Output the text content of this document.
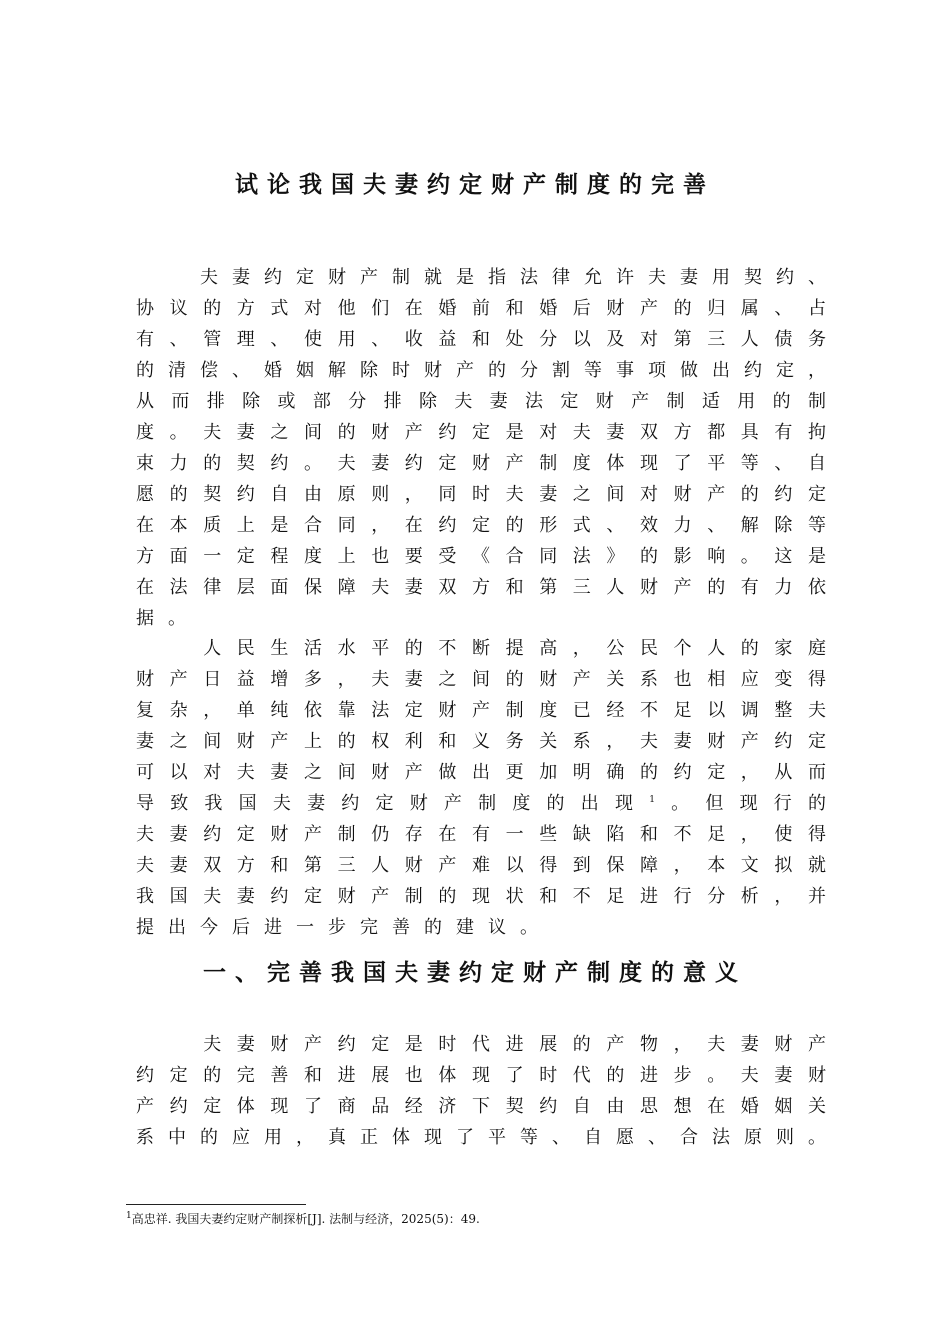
试论我国夫妻约定财产制度的完善
　　夫妻约定财产制就是指法律允许夫妻用契约、
协议的方式对他们在婚前和婚后财产的归属、占
有、管理、使用、收益和处分以及对第三人债务
的清偿、婚姻解除时财产的分割等事项做出约定，
从而排除或部分排除夫妻法定财产制适用的制
度。夫妻之间的财产约定是对夫妻双方都具有拘
束力的契约。夫妻约定财产制度体现了平等、自
愿的契约自由原则，同时夫妻之间对财产的约定
在本质上是合同，在约定的形式、效力、解除等
方面一定程度上也要受《合同法》的影响。这是
在法律层面保障夫妻双方和第三人财产的有力依
据。
　　人民生活水平的不断提高，公民个人的家庭
财产日益增多，夫妻之间的财产关系也相应变得
复杂，单纯依靠法定财产制度已经不足以调整夫
妻之间财产上的权利和义务关系，夫妻财产约定
可以对夫妻之间财产做出更加明确的约定，从而
导致我国夫妻约定财产制度的出现$^1$。但现行的
夫妻约定财产制仍存在有一些缺陷和不足，使得
夫妻双方和第三人财产难以得到保障，本文拟就
我国夫妻约定财产制的现状和不足进行分析，并
提出今后进一步完善的建议。
一、完善我国夫妻约定财产制度的意义
　　夫妻财产约定是时代进展的产物，夫妻财产
约定的完善和进展也体现了时代的进步。夫妻财
产约定体现了商品经济下契约自由思想在婚姻关
系中的应用，真正体现了平等、自愿、合法原则。

$^1$高忠祥. 我国夫妻约定财产制探析[J]. 法制与经济，2025(5)：49.
